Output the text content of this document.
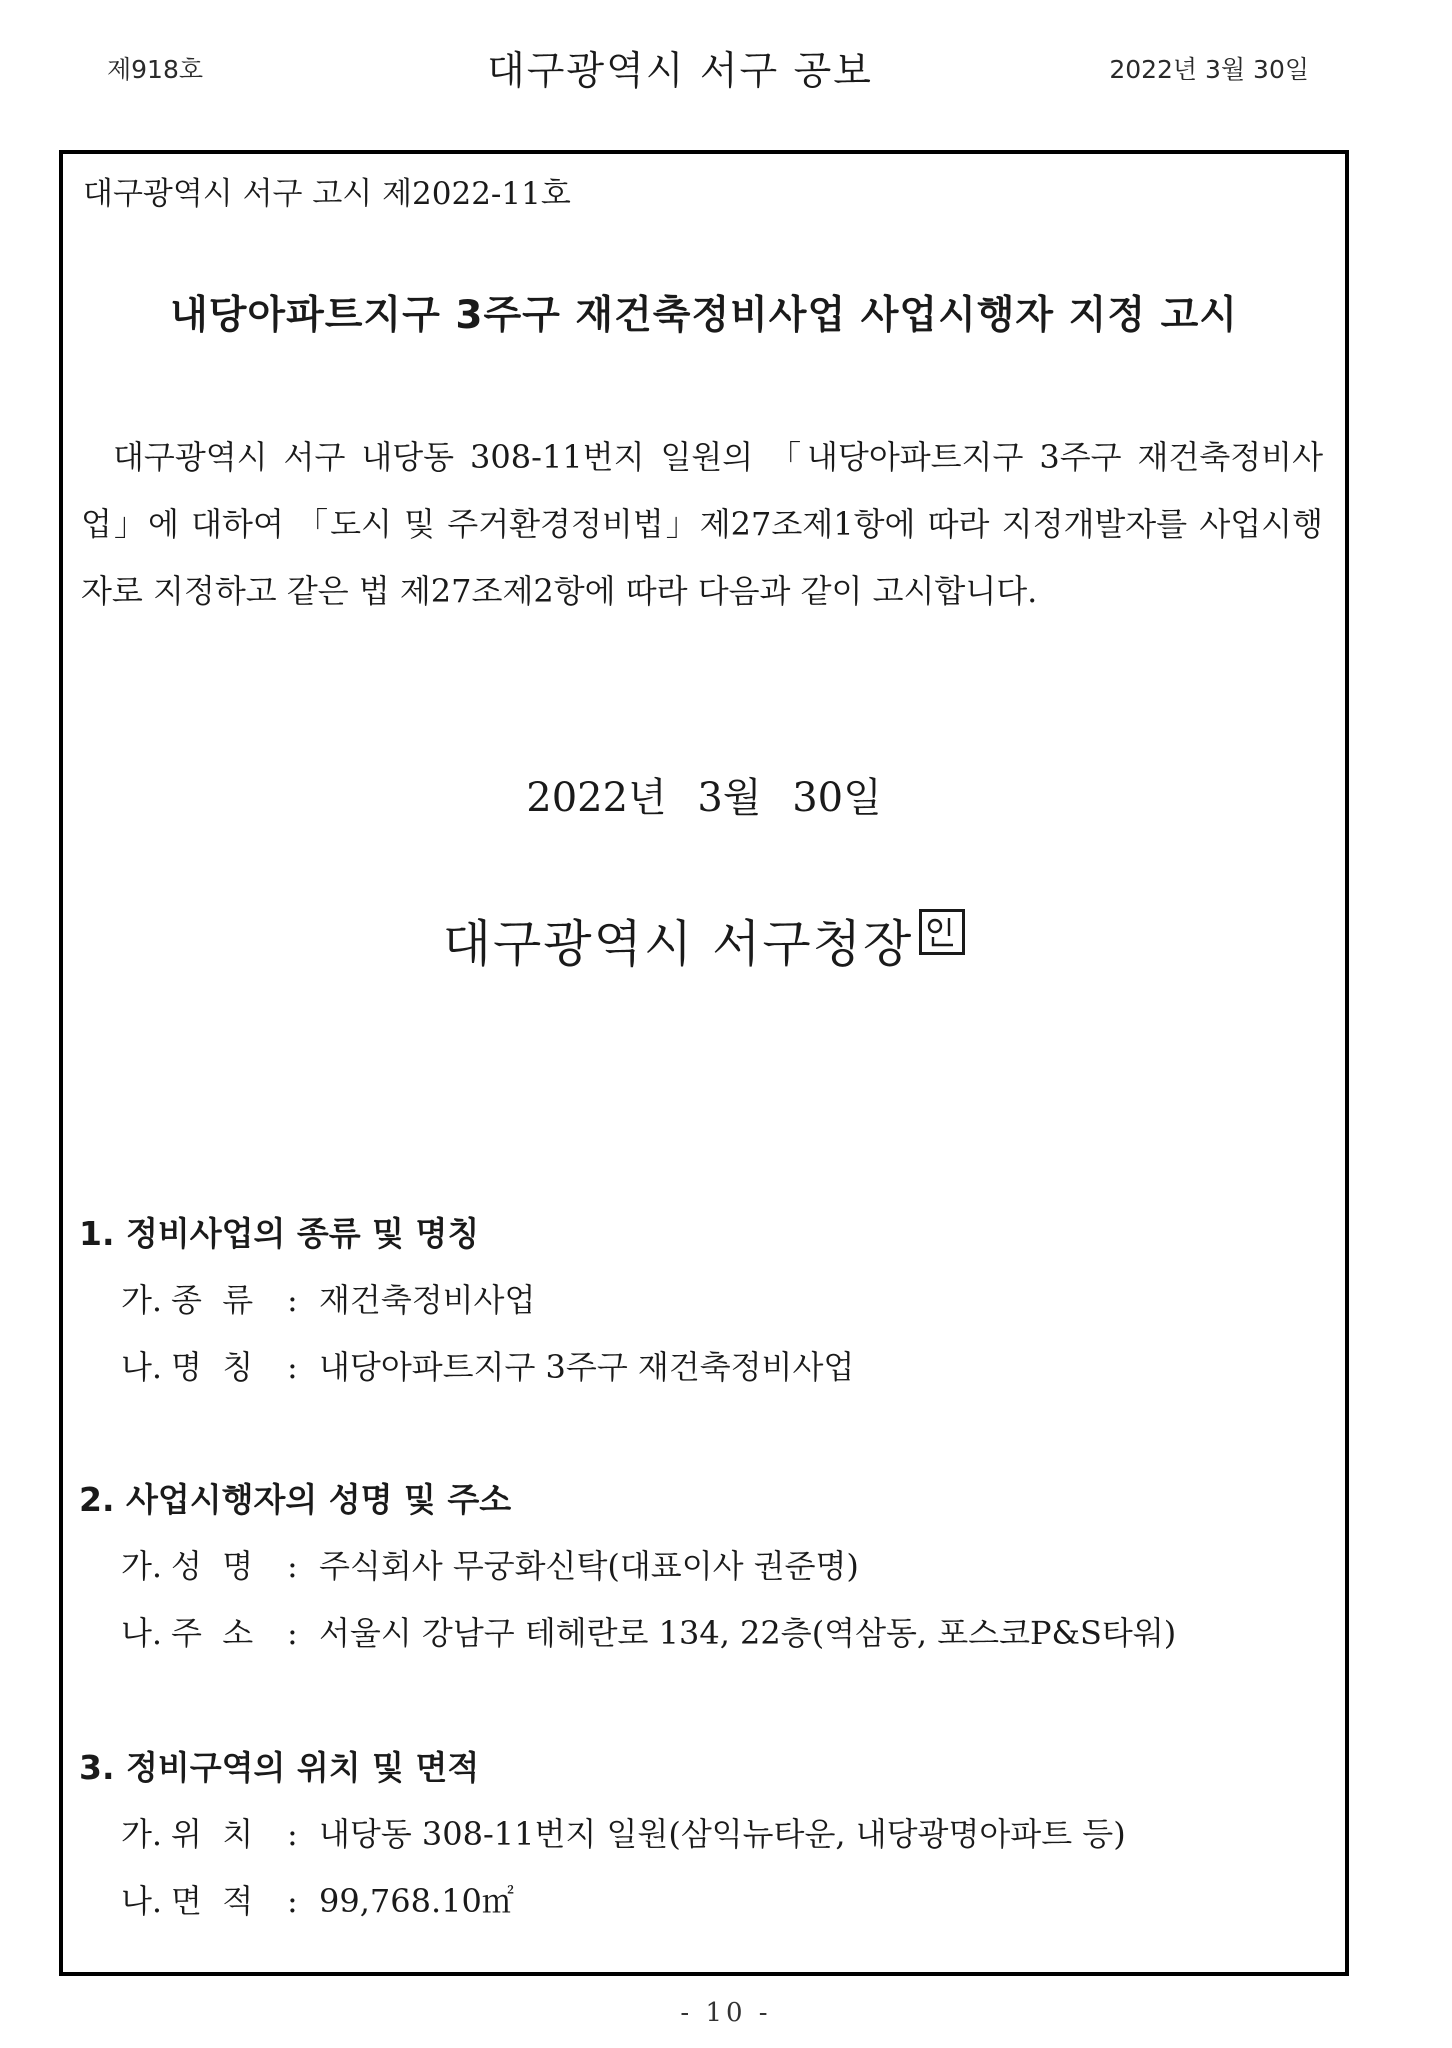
제918호	대구광역시 서구 공보	2022년 3월 30일
대구광역시 서구 고시 제2022-11호
내당아파트지구 3주구 재건축정비사업 사업시행자 지정 고시

대구광역시 서구 내당동 308-11번지 일원의 「내당아파트지구 3주구 재건축정비사업」에 대하여 「도시 및 주거환경정비법」제27조제1항에 따라 지정개발자를 사업시행자로 지정하고 같은 법 제27조제2항에 따라 다음과 같이 고시합니다.

2022년 3월 30일
대구광역시 서구청장
1. 정비사업의 종류 및 명칭
가. 종  류 : 재건축정비사업
나. 명  칭 : 내당아파트지구 3주구 재건축정비사업
2. 사업시행자의 성명 및 주소
가. 성  명 : 주식회사 무궁화신탁(대표이사 권준명)
나. 주  소 : 서울시 강남구 테헤란로 134, 22층(역삼동, 포스코P&S타워)
3. 정비구역의 위치 및 면적
가. 위  치 : 내당동 308-11번지 일원(삼익뉴타운, 내당광명아파트 등)
나. 면  적 : 99,768.10㎡
- 10 -
